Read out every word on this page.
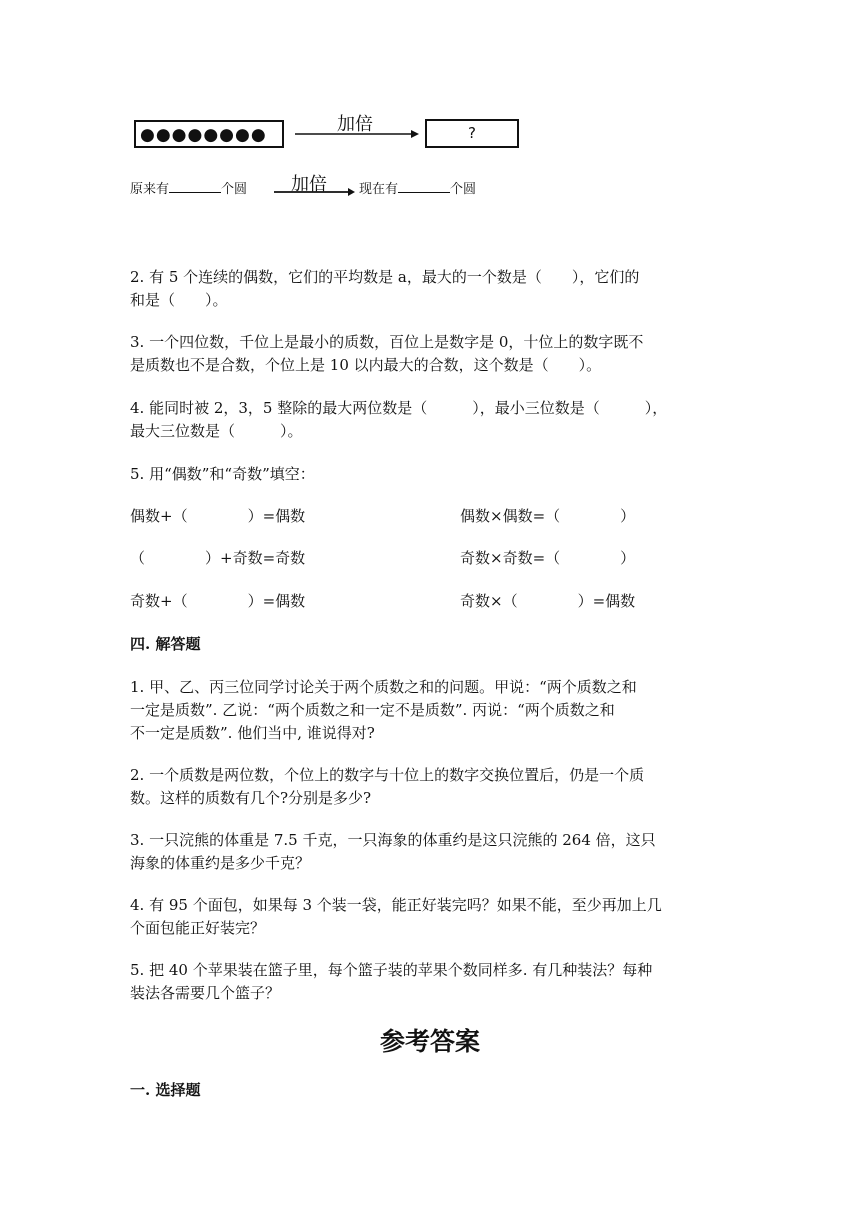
●●●●●●●●	加倍	?
原来有	个圆 加倍 现在有	个圆
2. 有 5 个连续的偶数，它们的平均数是 a，最大的一个数是（　　），它们的
和是（　　）。
3. 一个四位数，千位上是最小的质数，百位上是数字是 0，十位上的数字既不
是质数也不是合数，个位上是 10 以内最大的合数，这个数是（　　）。
4. 能同时被 2，3，5 整除的最大两位数是（　　　），最小三位数是（　　　），
最大三位数是（　　　）。
5. 用“偶数”和“奇数”填空：
偶数+（　　　　）=偶数	偶数×偶数=（　　　　）
（　　　　）+奇数=奇数	奇数×奇数=（　　　　）
奇数+（　　　　）=偶数	奇数×（　　　　）=偶数
四. 解答题
1. 甲、乙、丙三位同学讨论关于两个质数之和的问题。甲说：“两个质数之和
一定是质数”. 乙说：“两个质数之和一定不是质数”. 丙说：“两个质数之和
不一定是质数”. 他们当中, 谁说得对?
2. 一个质数是两位数，个位上的数字与十位上的数字交换位置后，仍是一个质
数。这样的质数有几个?分别是多少?
3. 一只浣熊的体重是 7.5 千克，一只海象的体重约是这只浣熊的 264 倍，这只
海象的体重约是多少千克？
4. 有 95 个面包，如果每 3 个装一袋，能正好装完吗？如果不能，至少再加上几
个面包能正好装完？
5. 把 40 个苹果装在篮子里，每个篮子装的苹果个数同样多. 有几种装法？每种
装法各需要几个篮子？
参考答案
一. 选择题
